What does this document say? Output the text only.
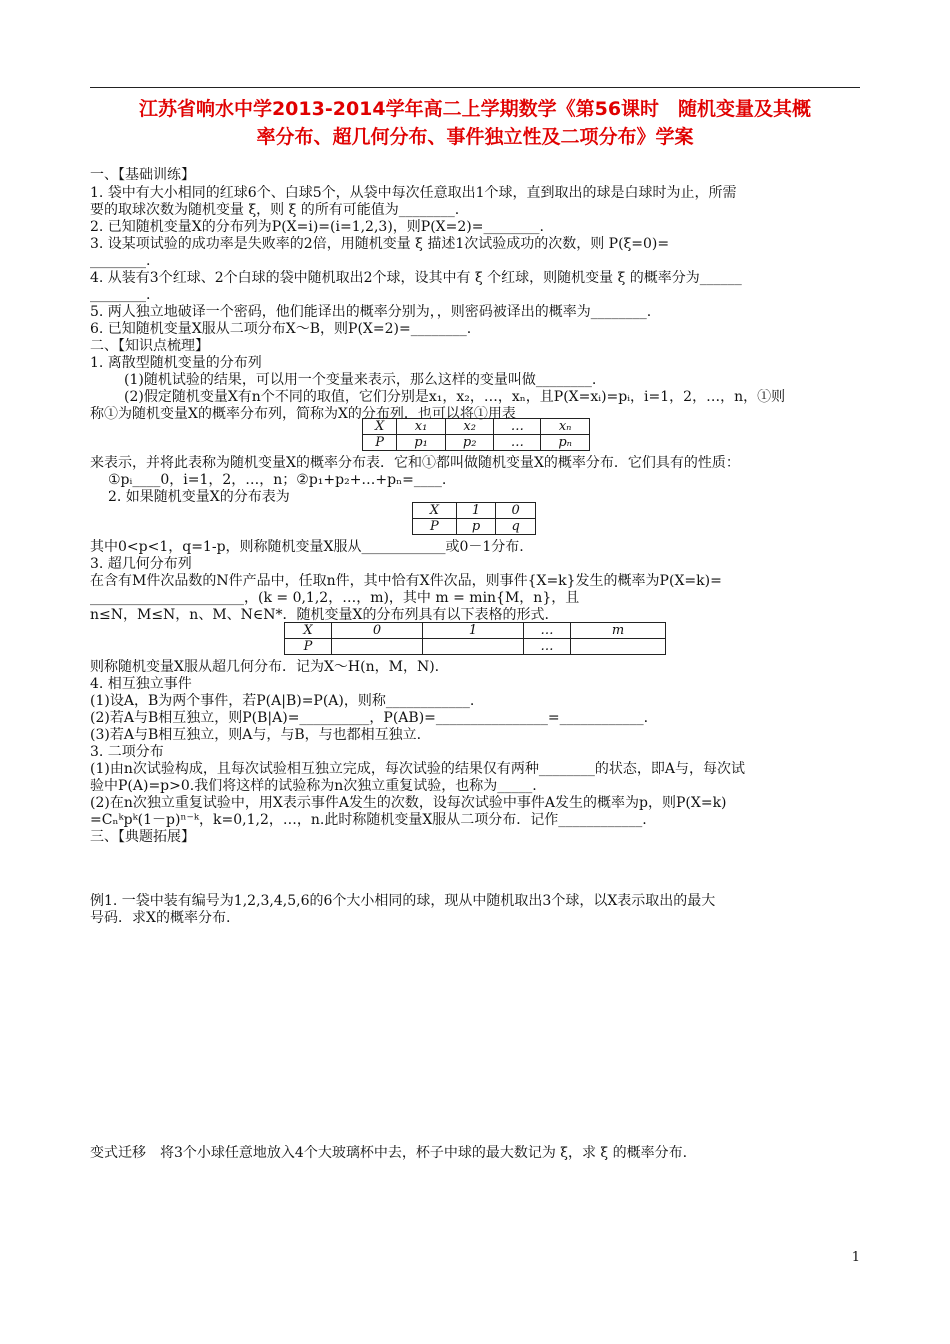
江苏省响水中学2013-2014学年高二上学期数学《第56课时　随机变量及其概
率分布、超几何分布、事件独立性及二项分布》学案
一、【基础训练】
1. 袋中有大小相同的红球6个、白球5个，从袋中每次任意取出1个球，直到取出的球是白球时为止，所需
要的取球次数为随机变量 ξ，则 ξ 的所有可能值为________.
2. 已知随机变量X的分布列为P(X=i)=(i=1,2,3)，则P(X=2)=________.
3. 设某项试验的成功率是失败率的2倍，用随机变量 ξ 描述1次试验成功的次数，则 P(ξ=0)=
________.
4. 从装有3个红球、2个白球的袋中随机取出2个球，设其中有 ξ 个红球，则随机变量 ξ 的概率分为______
________.
5. 两人独立地破译一个密码，他们能译出的概率分别为，，则密码被译出的概率为________.
6. 已知随机变量X服从二项分布X～B，则P(X=2)=________.
二、【知识点梳理】
1. 离散型随机变量的分布列
(1)随机试验的结果，可以用一个变量来表示，那么这样的变量叫做________.
(2)假定随机变量X有n个不同的取值，它们分别是x₁，x₂，…，xₙ，且P(X=xᵢ)=pᵢ，i=1，2，…，n，①则
称①为随机变量X的概率分布列，简称为X的分布列．也可以将①用表
X	x₁	x₂	…	xₙ
P	p₁	p₂	…	pₙ
来表示，并将此表称为随机变量X的概率分布表．它和①都叫做随机变量X的概率分布．它们具有的性质：
①pᵢ____0，i=1，2，…，n；②p₁+p₂+…+pₙ=____.
2. 如果随机变量X的分布表为
X	1	0
P	p	q
其中0<p<1，q=1-p，则称随机变量X服从____________或0－1分布.
3. 超几何分布列
在含有M件次品数的N件产品中，任取n件，其中恰有X件次品，则事件{X=k}发生的概率为P(X=k)=
______________________，(k = 0,1,2，…，m)，其中 m = min{M，n}，且
n≤N，M≤N，n、M、N∈N*．随机变量X的分布列具有以下表格的形式.
X	0	1	…	m
P			…	
则称随机变量X服从超几何分布．记为X～H(n，M，N).
4. 相互独立事件
(1)设A，B为两个事件，若P(A|B)=P(A)，则称____________.
(2)若A与B相互独立，则P(B|A)=__________，P(AB)=________________=____________.
(3)若A与B相互独立，则A与，与B，与也都相互独立.
3. 二项分布
(1)由n次试验构成，且每次试验相互独立完成，每次试验的结果仅有两种________的状态，即A与，每次试
验中P(A)=p>0.我们将这样的试验称为n次独立重复试验，也称为_____.
(2)在n次独立重复试验中，用X表示事件A发生的次数，设每次试验中事件A发生的概率为p，则P(X=k)
=Cₙᵏpᵏ(1－p)ⁿ⁻ᵏ，k=0,1,2，…，n.此时称随机变量X服从二项分布．记作____________.
三、【典题拓展】
例1. 一袋中装有编号为1,2,3,4,5,6的6个大小相同的球，现从中随机取出3个球，以X表示取出的最大
号码．求X的概率分布.
变式迁移　将3个小球任意地放入4个大玻璃杯中去，杯子中球的最大数记为 ξ，求 ξ 的概率分布.
1
